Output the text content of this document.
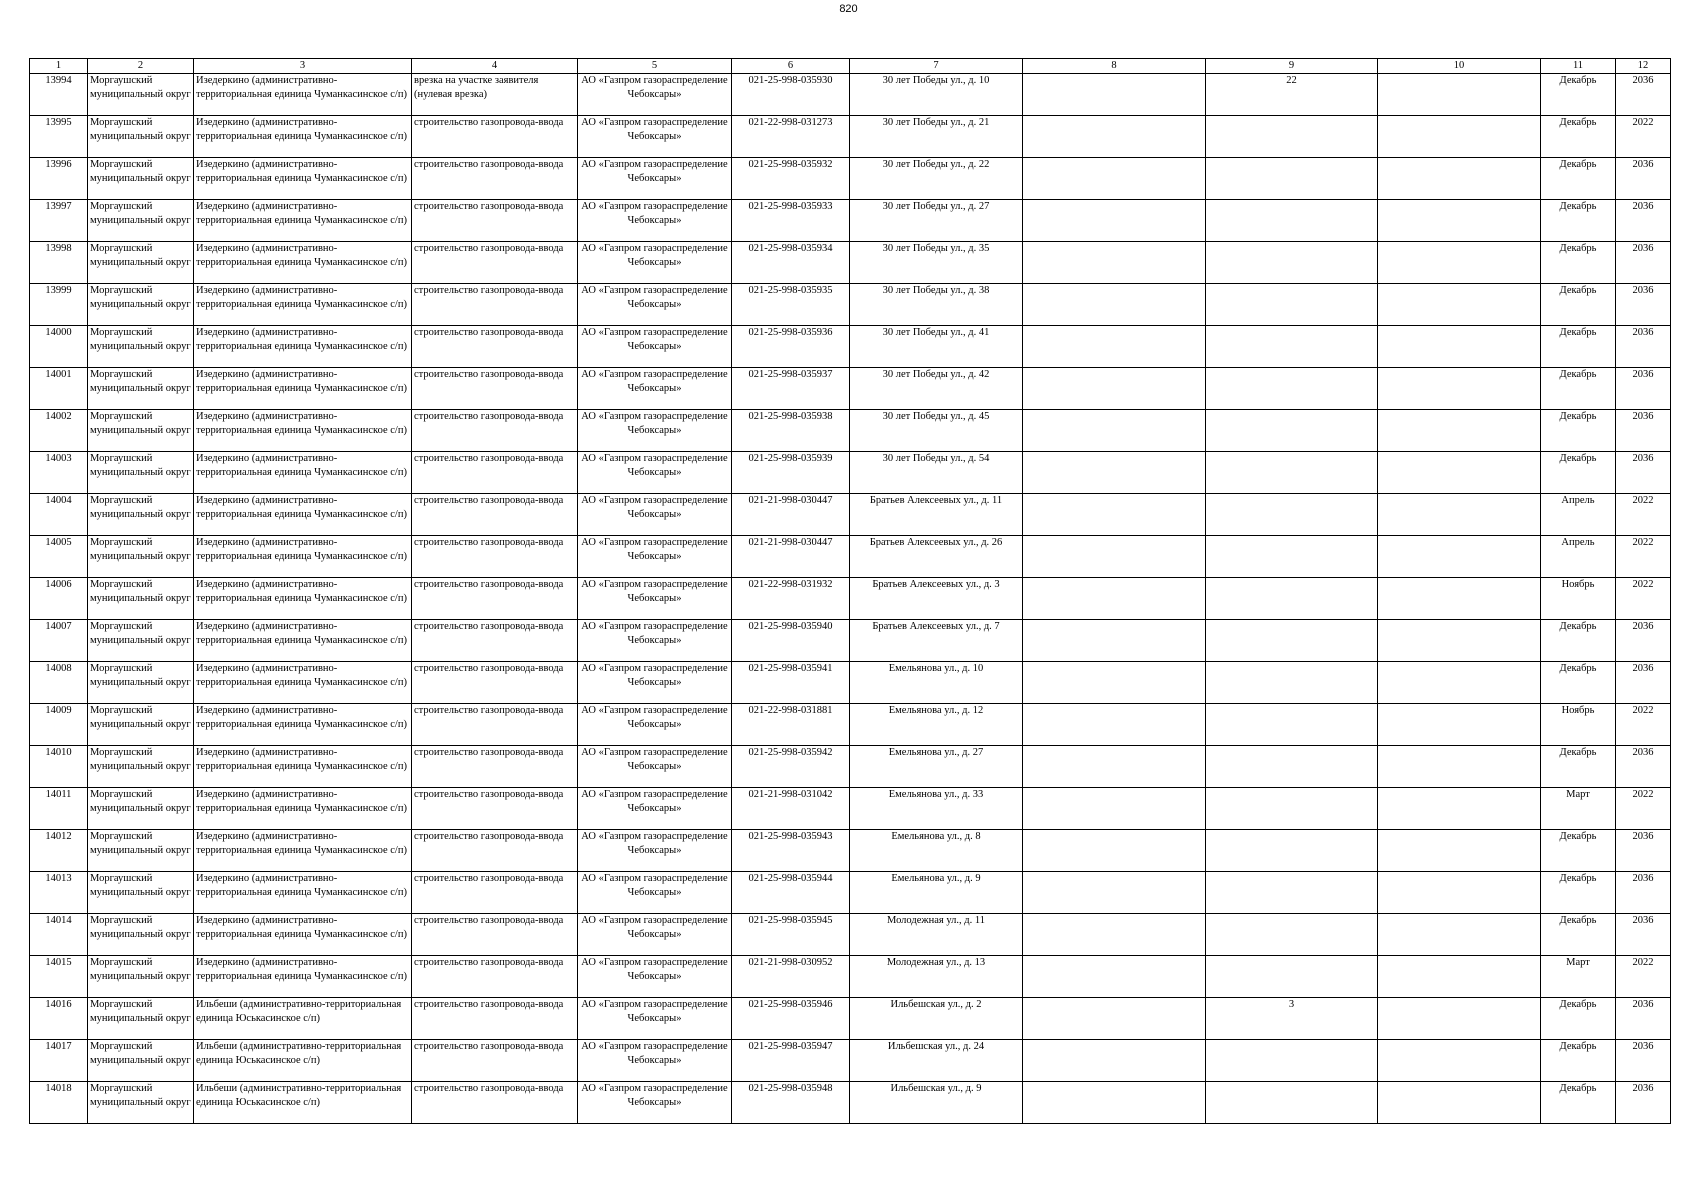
820
1	2	3	4	5	6	7	8	9	10	11	12
13994	Моргаушский муниципальный округ	Изедеркино (административно-территориальная единица Чуманкасинское с/п)	врезка на участке заявителя (нулевая врезка)	АО «Газпром газораспределение Чебоксары»	021-25-998-035930	30 лет Победы ул., д. 10		22		Декабрь	2036
13995	Моргаушский муниципальный округ	Изедеркино (административно-территориальная единица Чуманкасинское с/п)	строительство газопровода-ввода	АО «Газпром газораспределение Чебоксары»	021-22-998-031273	30 лет Победы ул., д. 21				Декабрь	2022
13996	Моргаушский муниципальный округ	Изедеркино (административно-территориальная единица Чуманкасинское с/п)	строительство газопровода-ввода	АО «Газпром газораспределение Чебоксары»	021-25-998-035932	30 лет Победы ул., д. 22				Декабрь	2036
13997	Моргаушский муниципальный округ	Изедеркино (административно-территориальная единица Чуманкасинское с/п)	строительство газопровода-ввода	АО «Газпром газораспределение Чебоксары»	021-25-998-035933	30 лет Победы ул., д. 27				Декабрь	2036
13998	Моргаушский муниципальный округ	Изедеркино (административно-территориальная единица Чуманкасинское с/п)	строительство газопровода-ввода	АО «Газпром газораспределение Чебоксары»	021-25-998-035934	30 лет Победы ул., д. 35				Декабрь	2036
13999	Моргаушский муниципальный округ	Изедеркино (административно-территориальная единица Чуманкасинское с/п)	строительство газопровода-ввода	АО «Газпром газораспределение Чебоксары»	021-25-998-035935	30 лет Победы ул., д. 38				Декабрь	2036
14000	Моргаушский муниципальный округ	Изедеркино (административно-территориальная единица Чуманкасинское с/п)	строительство газопровода-ввода	АО «Газпром газораспределение Чебоксары»	021-25-998-035936	30 лет Победы ул., д. 41				Декабрь	2036
14001	Моргаушский муниципальный округ	Изедеркино (административно-территориальная единица Чуманкасинское с/п)	строительство газопровода-ввода	АО «Газпром газораспределение Чебоксары»	021-25-998-035937	30 лет Победы ул., д. 42				Декабрь	2036
14002	Моргаушский муниципальный округ	Изедеркино (административно-территориальная единица Чуманкасинское с/п)	строительство газопровода-ввода	АО «Газпром газораспределение Чебоксары»	021-25-998-035938	30 лет Победы ул., д. 45				Декабрь	2036
14003	Моргаушский муниципальный округ	Изедеркино (административно-территориальная единица Чуманкасинское с/п)	строительство газопровода-ввода	АО «Газпром газораспределение Чебоксары»	021-25-998-035939	30 лет Победы ул., д. 54				Декабрь	2036
14004	Моргаушский муниципальный округ	Изедеркино (административно-территориальная единица Чуманкасинское с/п)	строительство газопровода-ввода	АО «Газпром газораспределение Чебоксары»	021-21-998-030447	Братьев Алексеевых ул., д. 11				Апрель	2022
14005	Моргаушский муниципальный округ	Изедеркино (административно-территориальная единица Чуманкасинское с/п)	строительство газопровода-ввода	АО «Газпром газораспределение Чебоксары»	021-21-998-030447	Братьев Алексеевых ул., д. 26				Апрель	2022
14006	Моргаушский муниципальный округ	Изедеркино (административно-территориальная единица Чуманкасинское с/п)	строительство газопровода-ввода	АО «Газпром газораспределение Чебоксары»	021-22-998-031932	Братьев Алексеевых ул., д. 3				Ноябрь	2022
14007	Моргаушский муниципальный округ	Изедеркино (административно-территориальная единица Чуманкасинское с/п)	строительство газопровода-ввода	АО «Газпром газораспределение Чебоксары»	021-25-998-035940	Братьев Алексеевых ул., д. 7				Декабрь	2036
14008	Моргаушский муниципальный округ	Изедеркино (административно-территориальная единица Чуманкасинское с/п)	строительство газопровода-ввода	АО «Газпром газораспределение Чебоксары»	021-25-998-035941	Емельянова ул., д. 10				Декабрь	2036
14009	Моргаушский муниципальный округ	Изедеркино (административно-территориальная единица Чуманкасинское с/п)	строительство газопровода-ввода	АО «Газпром газораспределение Чебоксары»	021-22-998-031881	Емельянова ул., д. 12				Ноябрь	2022
14010	Моргаушский муниципальный округ	Изедеркино (административно-территориальная единица Чуманкасинское с/п)	строительство газопровода-ввода	АО «Газпром газораспределение Чебоксары»	021-25-998-035942	Емельянова ул., д. 27				Декабрь	2036
14011	Моргаушский муниципальный округ	Изедеркино (административно-территориальная единица Чуманкасинское с/п)	строительство газопровода-ввода	АО «Газпром газораспределение Чебоксары»	021-21-998-031042	Емельянова ул., д. 33				Март	2022
14012	Моргаушский муниципальный округ	Изедеркино (административно-территориальная единица Чуманкасинское с/п)	строительство газопровода-ввода	АО «Газпром газораспределение Чебоксары»	021-25-998-035943	Емельянова ул., д. 8				Декабрь	2036
14013	Моргаушский муниципальный округ	Изедеркино (административно-территориальная единица Чуманкасинское с/п)	строительство газопровода-ввода	АО «Газпром газораспределение Чебоксары»	021-25-998-035944	Емельянова ул., д. 9				Декабрь	2036
14014	Моргаушский муниципальный округ	Изедеркино (административно-территориальная единица Чуманкасинское с/п)	строительство газопровода-ввода	АО «Газпром газораспределение Чебоксары»	021-25-998-035945	Молодежная ул., д. 11				Декабрь	2036
14015	Моргаушский муниципальный округ	Изедеркино (административно-территориальная единица Чуманкасинское с/п)	строительство газопровода-ввода	АО «Газпром газораспределение Чебоксары»	021-21-998-030952	Молодежная ул., д. 13				Март	2022
14016	Моргаушский муниципальный округ	Ильбеши (административно-территориальная единица Юськасинское с/п)	строительство газопровода-ввода	АО «Газпром газораспределение Чебоксары»	021-25-998-035946	Ильбешская ул., д. 2		3		Декабрь	2036
14017	Моргаушский муниципальный округ	Ильбеши (административно-территориальная единица Юськасинское с/п)	строительство газопровода-ввода	АО «Газпром газораспределение Чебоксары»	021-25-998-035947	Ильбешская ул., д. 24				Декабрь	2036
14018	Моргаушский муниципальный округ	Ильбеши (административно-территориальная единица Юськасинское с/п)	строительство газопровода-ввода	АО «Газпром газораспределение Чебоксары»	021-25-998-035948	Ильбешская ул., д. 9				Декабрь	2036
